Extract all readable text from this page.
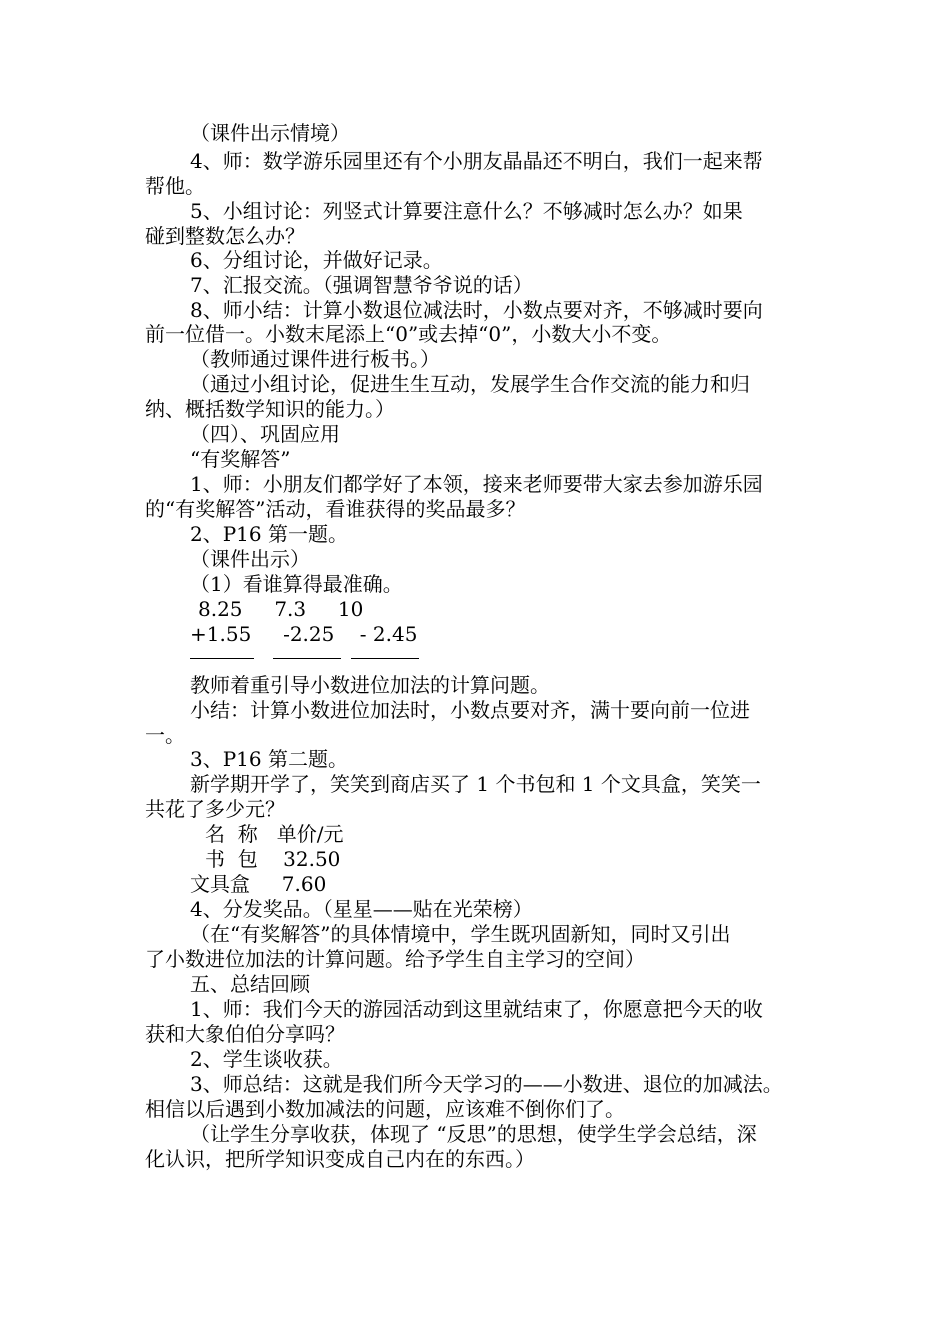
（课件出示情境）
4、师：数学游乐园里还有个小朋友晶晶还不明白，我们一起来帮
帮他。
5、小组讨论：列竖式计算要注意什么？不够减时怎么办？如果
碰到整数怎么办？
6、分组讨论，并做好记录。
7、汇报交流。（强调智慧爷爷说的话）
8、师小结：计算小数退位减法时，小数点要对齐，不够减时要向
前一位借一。小数末尾添上“0”或去掉“0”，小数大小不变。
（教师通过课件进行板书。）
（通过小组讨论，促进生生互动，发展学生合作交流的能力和归
纳、概括数学知识的能力。）
（四）、巩固应用
“有奖解答”
1、师：小朋友们都学好了本领，接来老师要带大家去参加游乐园
的“有奖解答”活动，看谁获得的奖品最多？
2、P16 第一题。
（课件出示）
（1）看谁算得最准确。
8.25     7.3     10
+1.55     -2.25    - 2.45
教师着重引导小数进位加法的计算问题。
小结：计算小数进位加法时，小数点要对齐，满十要向前一位进
一。
3、P16 第二题。
新学期开学了，笑笑到商店买了 1 个书包和 1 个文具盒，笑笑一
共花了多少元？
名  称   单价/元
书  包    32.50
文具盒     7.60
4、分发奖品。（星星——贴在光荣榜）
（在“有奖解答”的具体情境中，学生既巩固新知，同时又引出
了小数进位加法的计算问题。给予学生自主学习的空间）
五、总结回顾
1、师：我们今天的游园活动到这里就结束了，你愿意把今天的收
获和大象伯伯分享吗？
2、学生谈收获。
3、师总结：这就是我们所今天学习的——小数进、退位的加减法。
相信以后遇到小数加减法的问题，应该难不倒你们了。
（让学生分享收获，体现了 “反思”的思想，使学生学会总结，深
化认识，把所学知识变成自己内在的东西。）
